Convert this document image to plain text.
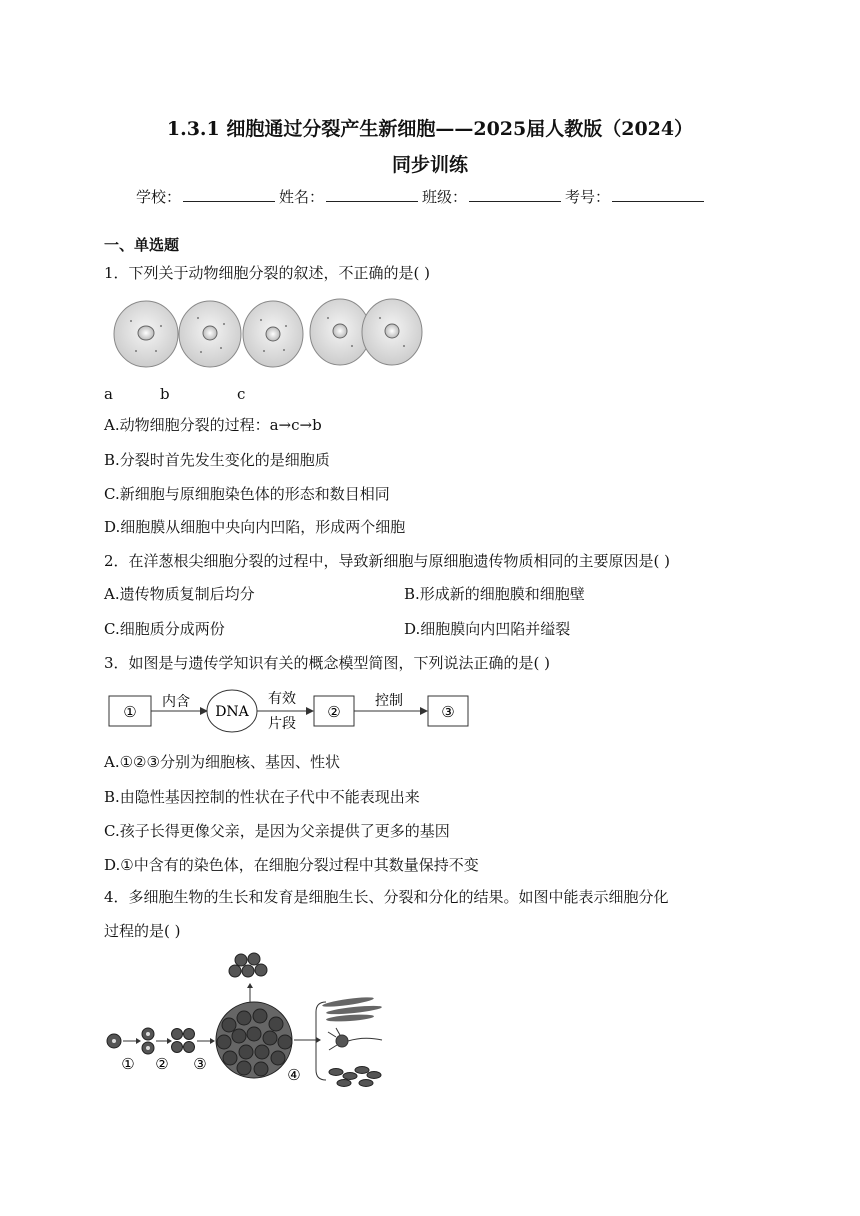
1.3.1 细胞通过分裂产生新细胞——2025届人教版（2024）
同步训练
学校：	姓名：	班级：	考号：
一、单选题
1．下列关于动物细胞分裂的叙述，不正确的是( )
a	b	c
A.动物细胞分裂的过程：a→c→b
B.分裂时首先发生变化的是细胞质
C.新细胞与原细胞染色体的形态和数目相同
D.细胞膜从细胞中央向内凹陷，形成两个细胞
2．在洋葱根尖细胞分裂的过程中，导致新细胞与原细胞遗传物质相同的主要原因是( )
A.遗传物质复制后均分	B.形成新的细胞膜和细胞壁
C.细胞质分成两份	D.细胞膜向内凹陷并缢裂
3．如图是与遗传学知识有关的概念模型简图，下列说法正确的是( )
①
内含
DNA
有效
片段
②
控制
③
A.①②③分别为细胞核、基因、性状
B.由隐性基因控制的性状在子代中不能表现出来
C.孩子长得更像父亲，是因为父亲提供了更多的基因
D.①中含有的染色体，在细胞分裂过程中其数量保持不变
4．多细胞生物的生长和发育是细胞生长、分裂和分化的结果。如图中能表示细胞分化
过程的是( )
① ② ③
④
